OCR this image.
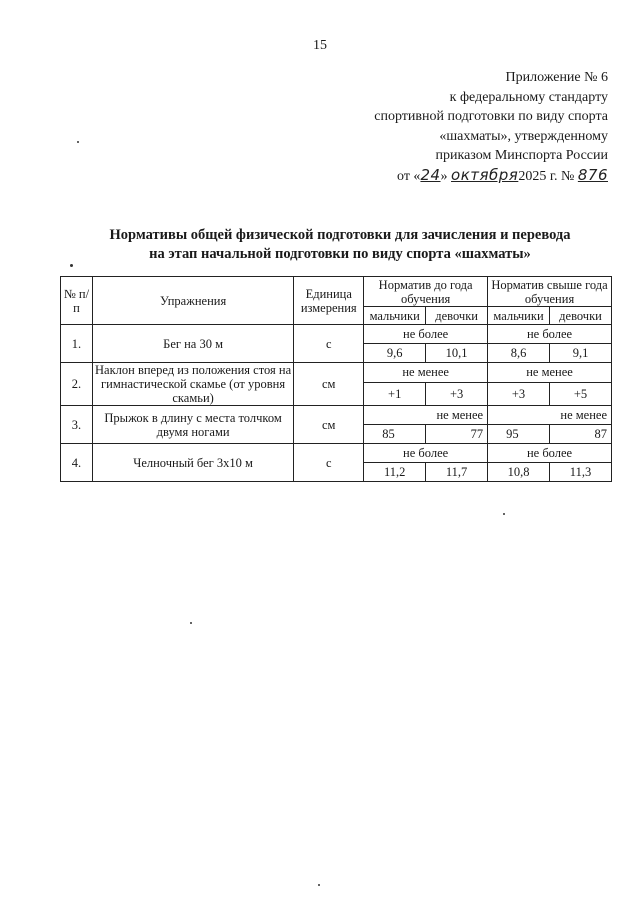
15
Приложение № 6
к федеральному стандарту
спортивной подготовки по виду спорта
«шахматы», утвержденному
приказом Минспорта России
от «24» октября2025 г. № 876
Нормативы общей физической подготовки для зачисления и перевода
на этап начальной подготовки по виду спорта «шахматы»
№ п/п	Упражнения	Единица измерения	Норматив до года обучения		Норматив свыше года обучения	
			мальчики	девочки	мальчики	девочки
1.	Бег на 30 м	с	не более		не более	
			9,6	10,1	8,6	9,1
2.	Наклон вперед из положения стоя на гимнастической скамье (от уровня скамьи)	см	не менее		не менее	
			+1	+3	+3	+5
3.	Прыжок в длину с места толчком двумя ногами	см	не менее		не менее	
			85	77	95	87
4.	Челночный бег 3х10 м	с	не более		не более	
			11,2	11,7	10,8	11,3
